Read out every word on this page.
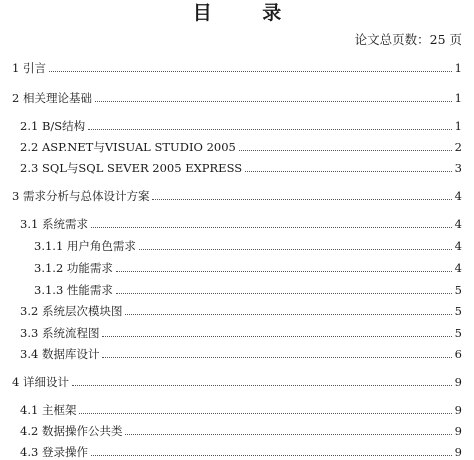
目 录
论文总页数：25 页
1 引言	1
2 相关理论基础	1
2.1 B/S结构	1
2.2 ASP.NET与VISUAL STUDIO 2005	2
2.3 SQL与SQL SEVER 2005 EXPRESS	3
3 需求分析与总体设计方案	4
3.1 系统需求	4
3.1.1 用户角色需求	4
3.1.2 功能需求	4
3.1.3 性能需求	5
3.2 系统层次模块图	5
3.3 系统流程图	5
3.4 数据库设计	6
4 详细设计	9
4.1 主框架	9
4.2 数据操作公共类	9
4.3 登录操作	9
